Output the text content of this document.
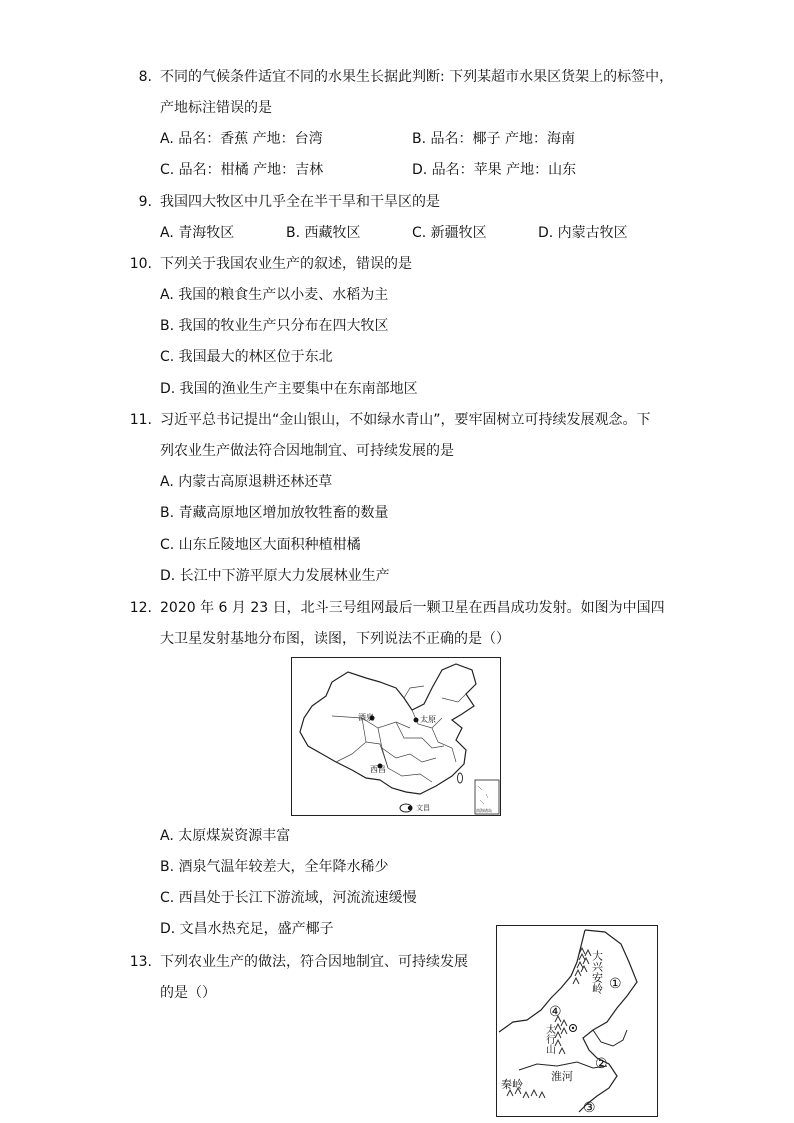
8. 不同的气候条件适宜不同的水果生长据此判断: 下列某超市水果区货架上的标签中，
产地标注错误的是
A. 品名：香蕉 产地：台湾	B. 品名：椰子 产地：海南
C. 品名：柑橘 产地：吉林	D. 品名：苹果 产地：山东
9. 我国四大牧区中几乎全在半干旱和干旱区的是
A. 青海牧区	B. 西藏牧区	C. 新疆牧区	D. 内蒙古牧区
10. 下列关于我国农业生产的叙述，错误的是
A. 我国的粮食生产以小麦、水稻为主
B. 我国的牧业生产只分布在四大牧区
C. 我国最大的林区位于东北
D. 我国的渔业生产主要集中在东南部地区
11. 习近平总书记提出“金山银山，不如绿水青山”，要牢固树立可持续发展观念。下
列农业生产做法符合因地制宜、可持续发展的是
A. 内蒙古高原退耕还林还草
B. 青藏高原地区增加放牧牲畜的数量
C. 山东丘陵地区大面积种植柑橘
D. 长江中下游平原大力发展林业生产
12. 2020 年 6 月 23 日，北斗三号组网最后一颗卫星在西昌成功发射。如图为中国四
大卫星发射基地分布图，读图，下列说法不正确的是（）
酒泉	太原
西昌
文昌	南海诸岛
A. 太原煤炭资源丰富
B. 酒泉气温年较差大，全年降水稀少
C. 西昌处于长江下游流域，河流流速缓慢
D. 文昌水热充足，盛产椰子
13. 下列农业生产的做法，符合因地制宜、可持续发展
的是（）	大兴安岭 ①
④
太行山
②
淮河
秦岭
③
